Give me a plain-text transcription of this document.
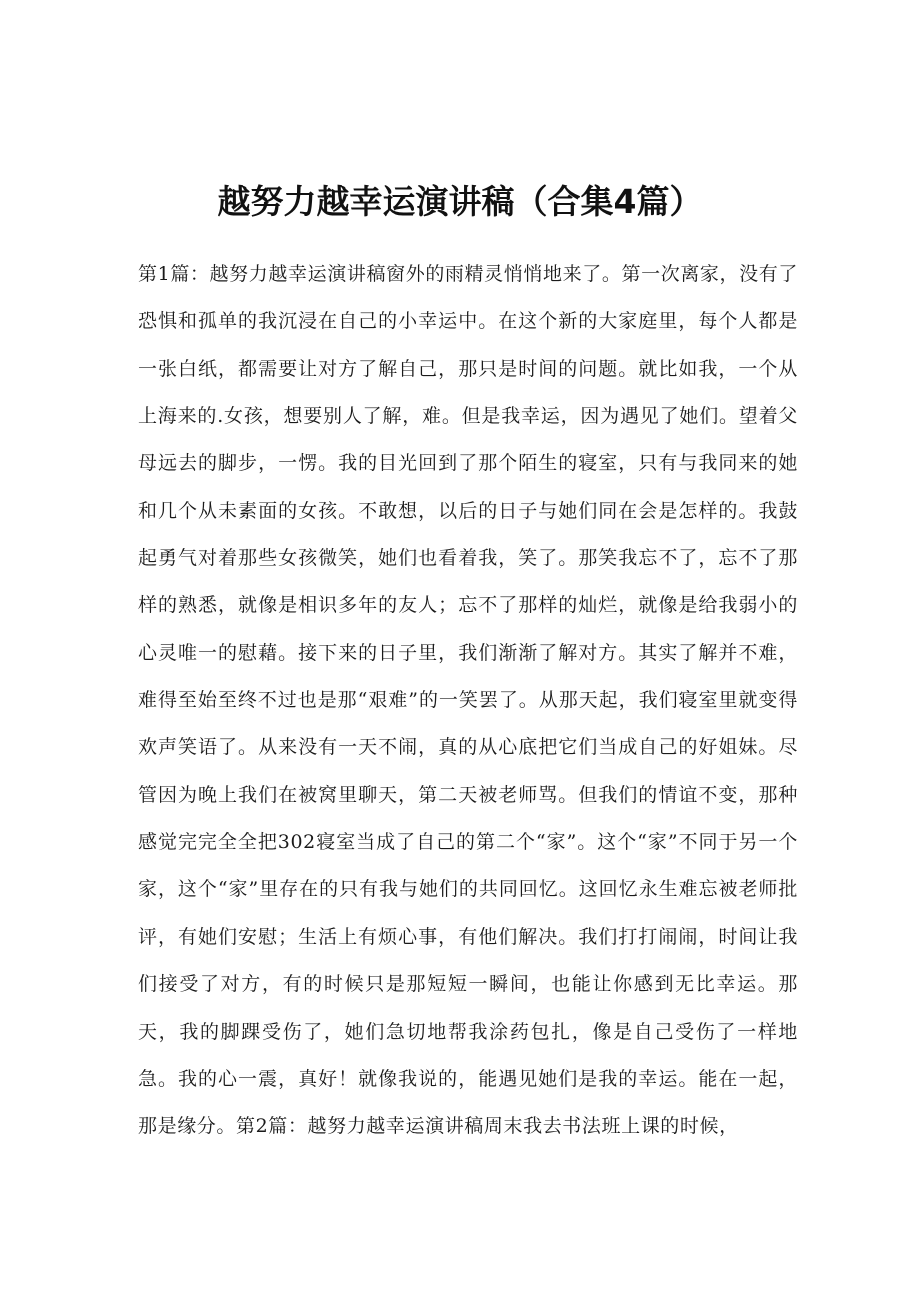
越努力越幸运演讲稿（合集4篇）

第1篇：越努力越幸运演讲稿窗外的雨精灵悄悄地来了。第一次离家，没有了恐惧和孤单的我沉浸在自己的小幸运中。在这个新的大家庭里，每个人都是一张白纸，都需要让对方了解自己，那只是时间的问题。就比如我，一个从上海来的.女孩，想要别人了解，难。但是我幸运，因为遇见了她们。望着父母远去的脚步，一愣。我的目光回到了那个陌生的寝室，只有与我同来的她和几个从未素面的女孩。不敢想，以后的日子与她们同在会是怎样的。我鼓起勇气对着那些女孩微笑，她们也看着我，笑了。那笑我忘不了，忘不了那样的熟悉，就像是相识多年的友人；忘不了那样的灿烂，就像是给我弱小的心灵唯一的慰藉。接下来的日子里，我们渐渐了解对方。其实了解并不难，难得至始至终不过也是那“艰难”的一笑罢了。从那天起，我们寝室里就变得欢声笑语了。从来没有一天不闹，真的从心底把它们当成自己的好姐妹。尽管因为晚上我们在被窝里聊天，第二天被老师骂。但我们的情谊不变，那种感觉完完全全把302寝室当成了自己的第二个“家”。这个“家”不同于另一个家，这个“家”里存在的只有我与她们的共同回忆。这回忆永生难忘被老师批评，有她们安慰；生活上有烦心事，有他们解决。我们打打闹闹，时间让我们接受了对方，有的时候只是那短短一瞬间，也能让你感到无比幸运。那天，我的脚踝受伤了，她们急切地帮我涂药包扎，像是自己受伤了一样地急。我的心一震，真好！就像我说的，能遇见她们是我的幸运。能在一起，那是缘分。第2篇：越努力越幸运演讲稿周末我去书法班上课的时候，
